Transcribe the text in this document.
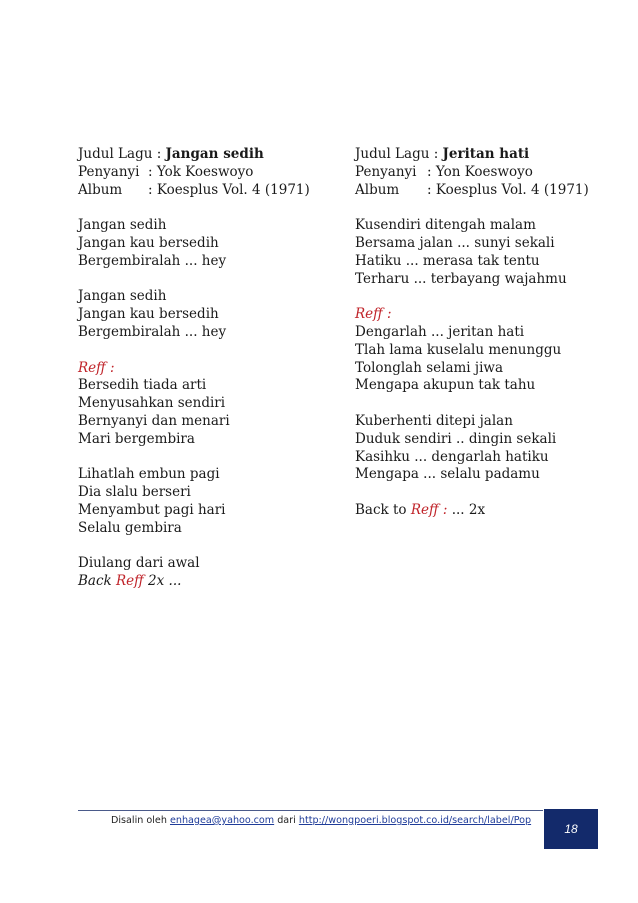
Judul Lagu : Jangan sedih
Penyanyi : Yok Koeswoyo
Album	: Koesplus Vol. 4 (1971)
Jangan sedih
Jangan kau bersedih
Bergembiralah ... hey
Jangan sedih
Jangan kau bersedih
Bergembiralah ... hey
Reff :
Bersedih tiada arti
Menyusahkan sendiri
Bernyanyi dan menari
Mari bergembira
Lihatlah embun pagi
Dia slalu berseri
Menyambut pagi hari
Selalu gembira
Diulang dari awal
Back Reff 2x ...
Judul Lagu : Jeritan hati
Penyanyi : Yon Koeswoyo
Album	: Koesplus Vol. 4 (1971)
Kusendiri ditengah malam
Bersama jalan ... sunyi sekali
Hatiku ... merasa tak tentu
Terharu ... terbayang wajahmu
Reff :
Dengarlah ... jeritan hati
Tlah lama kuselalu menunggu
Tolonglah selami jiwa
Mengapa akupun tak tahu
Kuberhenti ditepi jalan
Duduk sendiri .. dingin sekali
Kasihku ... dengarlah hatiku
Mengapa ... selalu padamu
Back to Reff : ... 2x
Disalin oleh enhagea@yahoo.com dari http://wongpoeri.blogspot.co.id/search/label/Pop
18
